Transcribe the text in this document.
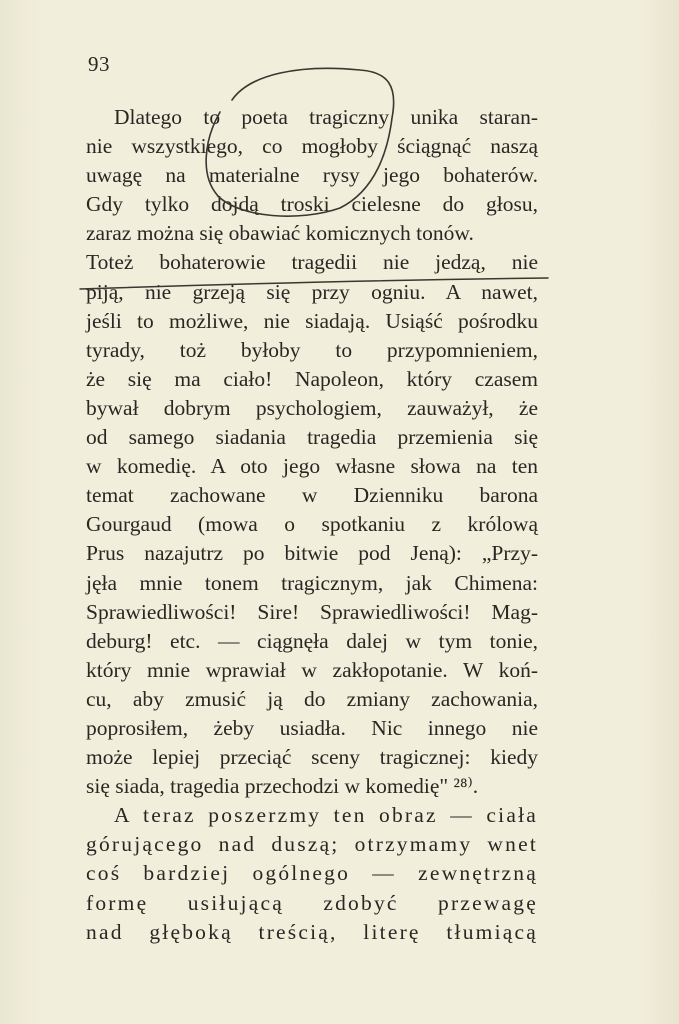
93
Dlatego to poeta tragiczny unika staran-
nie wszystkiego, co mogłoby ściągnąć naszą
uwagę na materialne rysy jego bohaterów.
Gdy tylko dojdą troski cielesne do głosu,
zaraz można się obawiać komicznych tonów.
Toteż bohaterowie tragedii nie jedzą, nie
piją, nie grzeją się przy ogniu. A nawet,
jeśli to możliwe, nie siadają. Usiąść pośrodku
tyrady, toż byłoby to przypomnieniem,
że się ma ciało! Napoleon, który czasem
bywał dobrym psychologiem, zauważył, że
od samego siadania tragedia przemienia się
w komedię. A oto jego własne słowa na ten
temat zachowane w Dzienniku barona
Gourgaud (mowa o spotkaniu z królową
Prus nazajutrz po bitwie pod Jeną): „Przy-
jęła mnie tonem tragicznym, jak Chimena:
Sprawiedliwości! Sire! Sprawiedliwości! Mag-
deburg! etc. — ciągnęła dalej w tym tonie,
który mnie wprawiał w zakłopotanie. W koń-
cu, aby zmusić ją do zmiany zachowania,
poprosiłem, żeby usiadła. Nic innego nie
może lepiej przeciąć sceny tragicznej: kiedy
się siada, tragedia przechodzi w komedię" ²⁸⁾.
A teraz poszerzmy ten obraz — ciała
górującego nad duszą; otrzymamy wnet
coś bardziej ogólnego — zewnętrzną
formę usiłującą zdobyć przewagę
nad głęboką treścią, literę tłumiącą
